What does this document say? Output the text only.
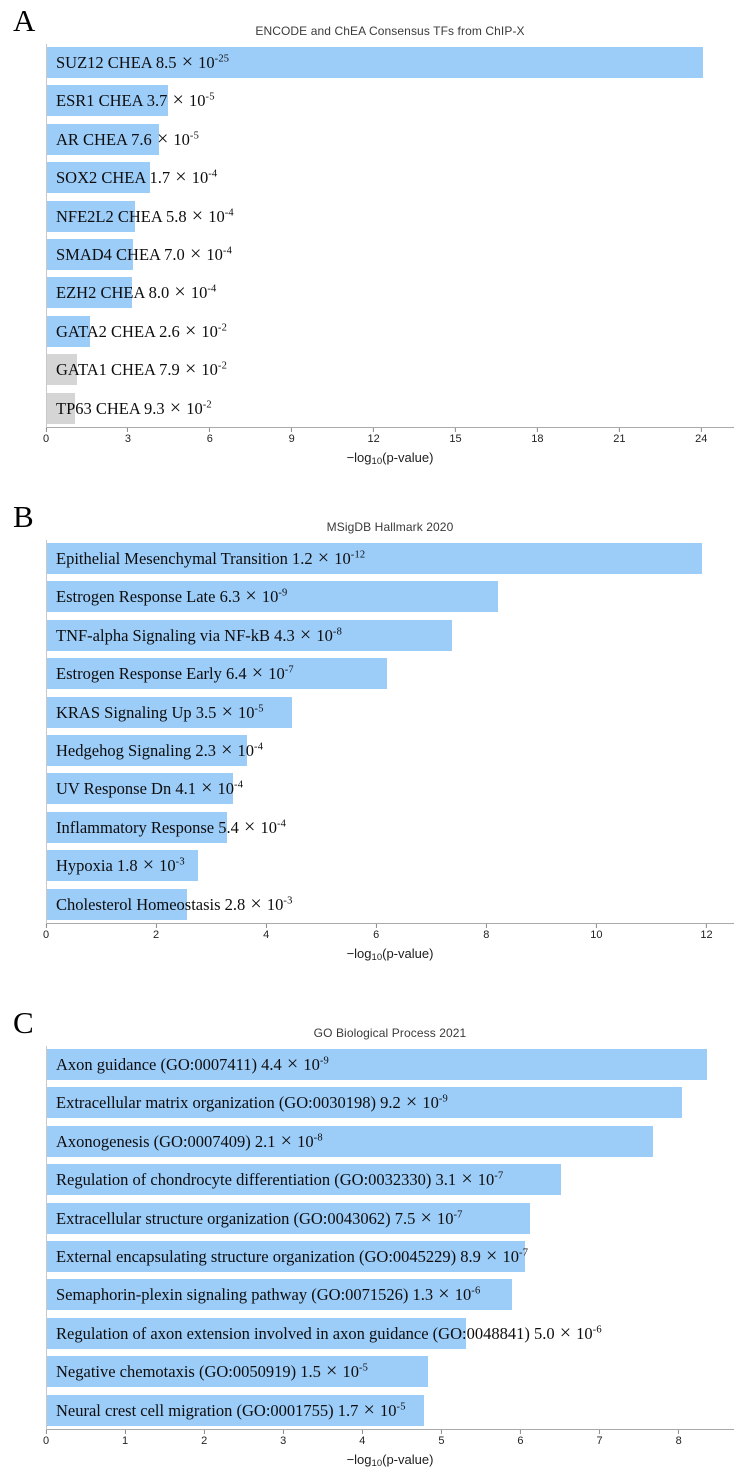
A	ENCODE and ChEA Consensus TFs from ChIP-X
SUZ12 CHEA $8.5 \times 10^{-25}$
ESR1 CHEA $3.7 \times 10^{-5}$
AR CHEA $7.6 \times 10^{-5}$
SOX2 CHEA $1.7 \times 10^{-4}$
NFE2L2 CHEA $5.8 \times 10^{-4}$
SMAD4 CHEA $7.0 \times 10^{-4}$
EZH2 CHEA $8.0 \times 10^{-4}$
GATA2 CHEA $2.6 \times 10^{-2}$
GATA1 CHEA $7.9 \times 10^{-2}$
TP63 CHEA $9.3 \times 10^{-2}$
0	3	6	9	12	15	18	21	24
$-\log_{10}(p-value)$
B	MSigDB Hallmark 2020
Epithelial Mesenchymal Transition $1.2 \times 10^{-12}$
Estrogen Response Late $6.3 \times 10^{-9}$
TNF-alpha Signaling via NF-kB $4.3 \times 10^{-8}$
Estrogen Response Early $6.4 \times 10^{-7}$
KRAS Signaling Up $3.5 \times 10^{-5}$
Hedgehog Signaling $2.3 \times 10^{-4}$
UV Response Dn $4.1 \times 10^{-4}$
Inflammatory Response $5.4 \times 10^{-4}$
Hypoxia $1.8 \times 10^{-3}$
Cholesterol Homeostasis $2.8 \times 10^{-3}$
0	2	4	6	8	10	12
$-\log_{10}(p-value)$
C	GO Biological Process 2021
Axon guidance (GO:0007411) $4.4 \times 10^{-9}$
Extracellular matrix organization (GO:0030198) $9.2 \times 10^{-9}$
Axonogenesis (GO:0007409) $2.1 \times 10^{-8}$
Regulation of chondrocyte differentiation (GO:0032330) $3.1 \times 10^{-7}$
Extracellular structure organization (GO:0043062) $7.5 \times 10^{-7}$
External encapsulating structure organization (GO:0045229) $8.9 \times 10^{-7}$
Semaphorin-plexin signaling pathway (GO:0071526) $1.3 \times 10^{-6}$
Regulation of axon extension involved in axon guidance (GO:0048841) $5.0 \times 10^{-6}$
Negative chemotaxis (GO:0050919) $1.5 \times 10^{-5}$
Neural crest cell migration (GO:0001755) $1.7 \times 10^{-5}$
0	1	2	3	4	5	6	7	8
$-\log_{10}(p-value)$
